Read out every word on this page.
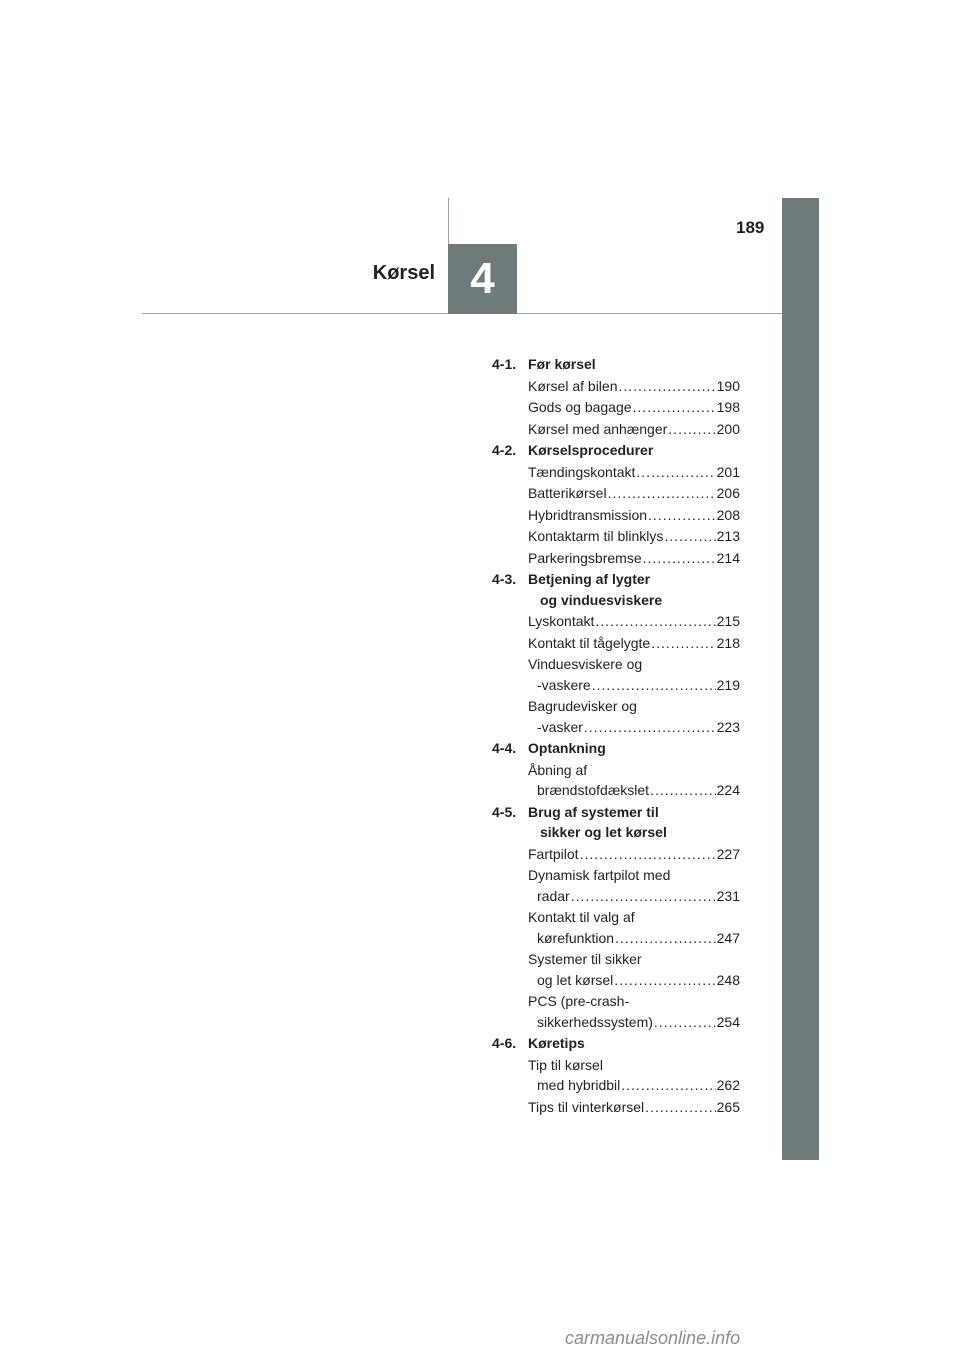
4
Kørsel
189
4-1. Før kørsel
Kørsel af bilen .....	190
Gods og bagage .....	198
Kørsel med anhænger .....	200
4-2. Kørselsprocedurer
Tændingskontakt .....	201
Batterikørsel .....	206
Hybridtransmission .....	208
Kontaktarm til blinklys .....	213
Parkeringsbremse .....	214
4-3. Betjening af lygter
og vinduesviskere
Lyskontakt .....	215
Kontakt til tågelygte .....	218
Vinduesviskere og
-vaskere .....	219
Bagrudevisker og
-vasker .....	223
4-4. Optankning
Åbning af
brændstofdækslet .....	224
4-5. Brug af systemer til
sikker og let kørsel
Fartpilot .....	227
Dynamisk fartpilot med
radar .....	231
Kontakt til valg af
kørefunktion .....	247
Systemer til sikker
og let kørsel .....	248
PCS (pre-crash-
sikkerhedssystem) .....	254
4-6. Køretips
Tip til kørsel
med hybridbil .....	262
Tips til vinterkørsel .....	265
carmanualsonline.info
